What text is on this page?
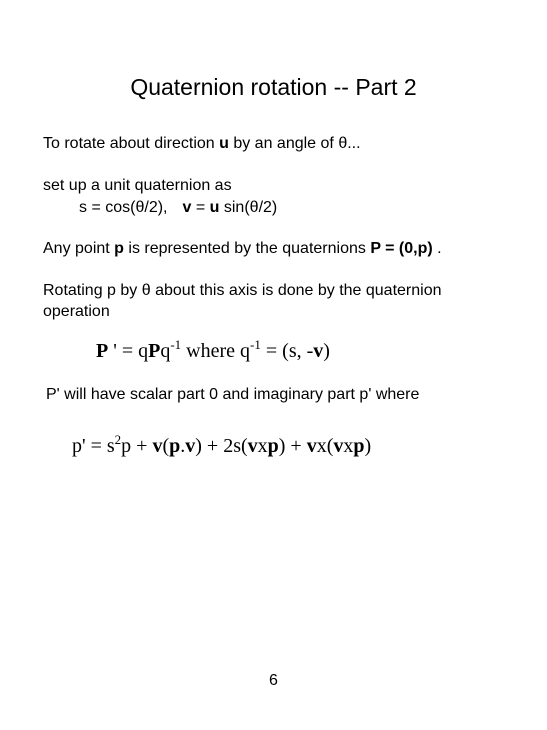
Quaternion rotation -- Part 2
To rotate about direction u by an angle of θ...
set up a unit quaternion as
s = cos(θ/2), v = u sin(θ/2)
Any point p is represented by the quaternions P = (0,p) .
Rotating p by θ about this axis is done by the quaternion
operation
P ' = qPq$^{-1}$ where $q^{-1} = (s$, -v)
P' will have scalar part 0 and imaginary part p' where
$p' = s^2p + v(p.v) + 2s(vxp) + vx(vxp)$
6
